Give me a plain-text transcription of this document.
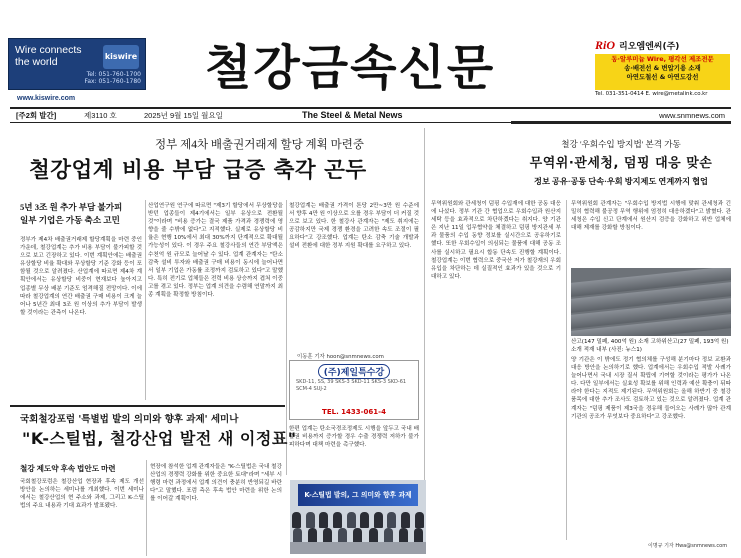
Wire connects
the world	kiswire
Tel: 051-760-1700
Fax: 051-760-1780
www.kiswire.com
철강금속신문	RiO 리오엠엔씨(주)
동·알루미늄 Wire, 평각선 제조전문
송·배전선 & 변압기용 소재
아연도철선 & 아연도강선
Tel. 031-351-0414 E. wire@metalink.co.kr
[주2회 발간]	제3110 호	2025년 9월 15일 월요일	The Steel & Metal News	www.snmnews.com
정부 제4차 배출권거래제 할당 계획 마련중
철강업계 비용 부담 급증 축각 곤두
5년 3조 원 추가 부담 불가피
일부 기업은 가동 축소 고민
정부가 제4차 배출권거래제 할당계획을 마련 중인 가운데, 철강업계는 추가 비용 부담이 불가피할 것으로 보고 긴장하고 있다. 이번 계획안에는 배출권 유상할당 비율 확대와 무상할당 기준 강화 등이 포함될 것으로 알려졌다. 산업계에 따르면 제4차 계획안에서는 유상할당 비중이 현재보다 높아지고 업종별 무상 배분 기준도 엄격해질 전망이다. 이에 따라 철강업계의 연간 배출권 구매 비용이 크게 늘어나 5년간 최대 3조 원 이상의 추가 부담이 발생할 것이라는 관측이 나온다.
산업연구원 연구에 따르면 "제3기 할당에서 무상할당을 받던 업종들이 제4기에서는 일부 유상으로 전환될 것"이라며 "비용 증가는 결국 제품 가격과 경쟁력에 영향을 줄 수밖에 없다"고 지적했다. 실제로 유상할당 비율은 현행 10%에서 최대 30%까지 단계적으로 확대될 가능성이 있다. 이 경우 주요 철강사들의 연간 부담액은 수천억 원 규모로 늘어날 수 있다. 업계 관계자는 "탄소 감축 설비 투자와 배출권 구매 비용이 동시에 늘어나면서 일부 기업은 가동률 조정까지 검토하고 있다"고 말했다. 특히 전기로 업체들은 전력 비용 상승까지 겹쳐 이중고를 겪고 있다. 정부는 업계 의견을 수렴해 연말까지 최종 계획을 확정할 방침이다.
철강업계는 배출권 가격이 톤당 2만~3만 원 수준에서 향후 4만 원 이상으로 오를 경우 부담이 더 커질 것으로 보고 있다. 한 철강사 관계자는 "제도 취지에는 공감하지만 국제 경쟁 환경을 고려한 속도 조절이 필요하다"고 강조했다. 업계는 탄소 감축 기술 개발과 설비 전환에 대한 정부 지원 확대를 요구하고 있다.
이동훈 기자 hoon@snmnews.com
(주)제일특수강
SKD-11, SS, 39 SKS-3 SKD-11 SKS-3 SKD-61 SCM-4 SUJ-2
TEL. 1433-061-4
한편 업계는 탄소국경조정제도 시행을 앞두고 국내 배출권 비용까지 증가할 경우 수출 경쟁력 저하가 불가피하다며 대책 마련을 촉구했다.
철강 '우회수입 방지법' 본격 가동
무역위·관세청, 덤핑 대응 맞손
정보 공유·공동 단속·우회 방지제도 연계까지 협업
무역위원회와 관세청이 덤핑 수입재에 대한 공동 대응에 나섰다. 정부 기관 간 협업으로 우회수입과 원산지 세탁 등을 효과적으로 차단하겠다는 취지다. 양 기관은 지난 11일 업무협약을 체결하고 덤핑 방지관세 부과 물품의 수입 동향 정보를 실시간으로 공유하기로 했다. 또한 우회수입이 의심되는 물품에 대해 공동 조사를 실시하고 필요시 합동 단속도 진행할 계획이다. 철강업계는 이번 협력으로 중국산 저가 철강재의 우회 유입을 차단하는 데 실질적인 효과가 있을 것으로 기대하고 있다.
무역위원회 관계자는 "우회수입 방지법 시행에 맞춰 관세청과 긴밀히 협력해 불공정 무역 행위에 엄정히 대응하겠다"고 밝혔다. 관세청은 수입 신고 단계에서 원산지 검증을 강화하고 위반 업체에 대해 제재를 강화할 방침이다.
산고(147 밀폐, 400억 원) 소재 고하위산고(27 밀폐, 193억 원) 소개 적재 내부 (사진: 뉴스1)
양 기관은 이 밖에도 정기 협의체를 구성해 분기마다 정보 교환과 대응 방안을 논의하기로 했다. 업계에서는 우회수입 적발 사례가 늘어나면서 국내 시장 질서 확립에 기여할 것이라는 평가가 나온다. 다만 일부에서는 실효성 확보를 위해 인력과 예산 확충이 뒤따라야 한다는 지적도 제기된다. 무역위원회는 올해 하반기 중 철강 품목에 대한 추가 조사도 검토하고 있는 것으로 알려졌다. 업계 관계자는 "덤핑 제품이 제3국을 경유해 들어오는 사례가 많아 관계 기관의 공조가 무엇보다 중요하다"고 강조했다.
이명규 기자 Hwa@snmnews.com
국회철강포럼 '특별법 발의 의미와 향후 과제' 세미나
"K-스틸법, 철강산업 발전 새 이정표"
철강 제도약 후속 법안도 마련
국회철강포럼은 철강산업 현장과 후속 제도 개선 방안을 논의하는 세미나를 개최했다. 이번 세미나에서는 철강산업의 현 주소와 과제, 그리고 K-스틸법의 주요 내용과 기대 효과가 발표됐다.
현장에 참석한 업계 관계자들은 "K-스틸법은 국내 철강산업의 경쟁력 강화를 위한 중요한 토대"라며 "세부 시행령 마련 과정에서 업계 의견이 충분히 반영되길 바란다"고 말했다. 포럼 측은 후속 법안 마련을 위한 논의를 이어갈 계획이다.
K-스틸법 발의, 그 의미와 향후 과제
